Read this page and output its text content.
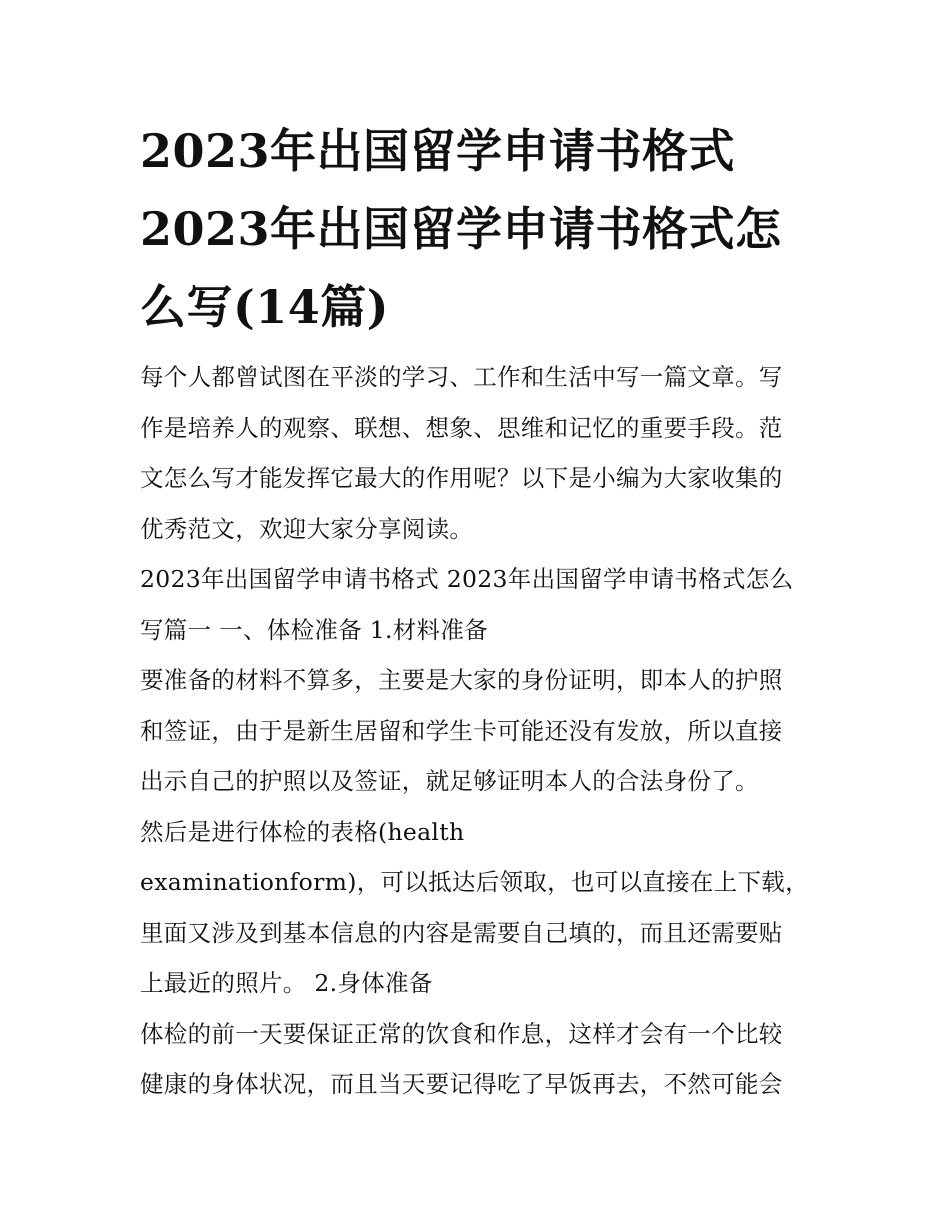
2023年出国留学申请书格式
2023年出国留学申请书格式怎
么写(14篇)

每个人都曾试图在平淡的学习、工作和生活中写一篇文章。写
作是培养人的观察、联想、想象、思维和记忆的重要手段。范
文怎么写才能发挥它最大的作用呢？以下是小编为大家收集的
优秀范文，欢迎大家分享阅读。

2023年出国留学申请书格式 2023年出国留学申请书格式怎么
写篇一 一、体检准备 1.材料准备

要准备的材料不算多，主要是大家的身份证明，即本人的护照
和签证，由于是新生居留和学生卡可能还没有发放，所以直接
出示自己的护照以及签证，就足够证明本人的合法身份了。

然后是进行体检的表格(health
examinationform)，可以抵达后领取，也可以直接在上下载，
里面又涉及到基本信息的内容是需要自己填的，而且还需要贴
上最近的照片。 2.身体准备

体检的前一天要保证正常的饮食和作息，这样才会有一个比较
健康的身体状况，而且当天要记得吃了早饭再去，不然可能会
